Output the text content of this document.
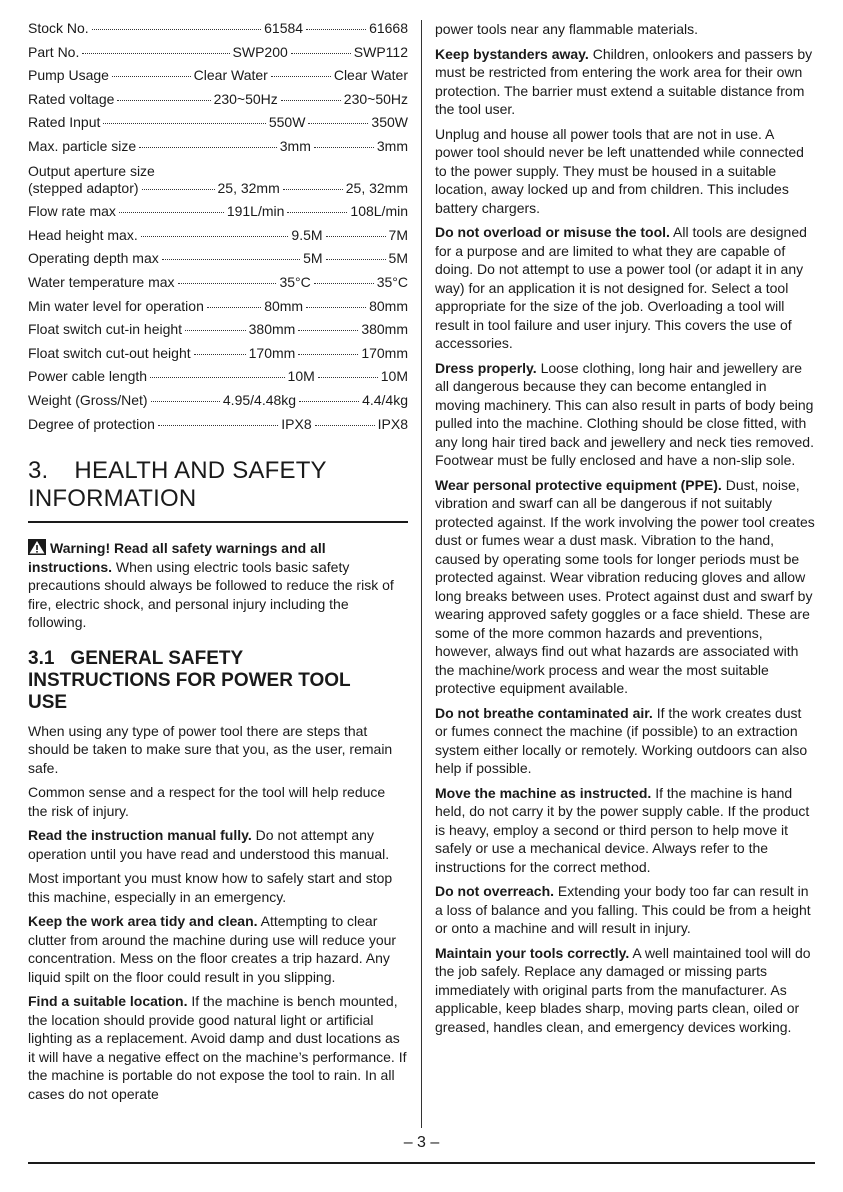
Stock No.	61584	61668
Part No.	SWP200	SWP112
Pump Usage	Clear Water	Clear Water
Rated voltage	230~50Hz	230~50Hz
Rated Input	550W	350W
Max. particle size	3mm	3mm
Output aperture size
(stepped adaptor)	25, 32mm	25, 32mm
Flow rate max	191L/min	108L/min
Head height max.	9.5M	7M
Operating depth max	5M	5M
Water temperature max	35°C	35°C
Min water level for operation	80mm	80mm
Float switch cut-in height	380mm	380mm
Float switch cut-out height	170mm	170mm
Power cable length	10M	10M
Weight (Gross/Net)	4.95/4.48kg	4.4/4kg
Degree of protection	IPX8	IPX8
3. HEALTH AND SAFETY
INFORMATION

Warning! Read all safety warnings and all instructions. When using electric tools basic safety precautions should always be followed to reduce the risk of fire, electric shock, and personal injury including the following.

3.1 GENERAL SAFETY
INSTRUCTIONS FOR POWER TOOL
USE

When using any type of power tool there are steps that should be taken to make sure that you, as the user, remain safe.

Common sense and a respect for the tool will help reduce the risk of injury.

Read the instruction manual fully. Do not attempt any operation until you have read and understood this manual.

Most important you must know how to safely start and stop this machine, especially in an emergency.

Keep the work area tidy and clean. Attempting to clear clutter from around the machine during use will reduce your concentration. Mess on the floor creates a trip hazard. Any liquid spilt on the floor could result in you slipping.

Find a suitable location. If the machine is bench mounted, the location should provide good natural light or artificial lighting as a replacement. Avoid damp and dust locations as it will have a negative effect on the machine’s performance. If the machine is portable do not expose the tool to rain. In all cases do not operate

power tools near any flammable materials.

Keep bystanders away. Children, onlookers and passers by must be restricted from entering the work area for their own protection. The barrier must extend a suitable distance from the tool user.

Unplug and house all power tools that are not in use. A power tool should never be left unattended while connected to the power supply. They must be housed in a suitable location, away locked up and from children. This includes battery chargers.

Do not overload or misuse the tool. All tools are designed for a purpose and are limited to what they are capable of doing. Do not attempt to use a power tool (or adapt it in any way) for an application it is not designed for. Select a tool appropriate for the size of the job. Overloading a tool will result in tool failure and user injury. This covers the use of accessories.

Dress properly. Loose clothing, long hair and jewellery are all dangerous because they can become entangled in moving machinery. This can also result in parts of body being pulled into the machine. Clothing should be close fitted, with any long hair tired back and jewellery and neck ties removed. Footwear must be fully enclosed and have a non-slip sole.

Wear personal protective equipment (PPE). Dust, noise, vibration and swarf can all be dangerous if not suitably protected against. If the work involving the power tool creates dust or fumes wear a dust mask. Vibration to the hand, caused by operating some tools for longer periods must be protected against. Wear vibration reducing gloves and allow long breaks between uses. Protect against dust and swarf by wearing approved safety goggles or a face shield. These are some of the more common hazards and preventions, however, always find out what hazards are associated with the machine/work process and wear the most suitable protective equipment available.

Do not breathe contaminated air. If the work creates dust or fumes connect the machine (if possible) to an extraction system either locally or remotely. Working outdoors can also help if possible.

Move the machine as instructed. If the machine is hand held, do not carry it by the power supply cable. If the product is heavy, employ a second or third person to help move it safely or use a mechanical device. Always refer to the instructions for the correct method.

Do not overreach. Extending your body too far can result in a loss of balance and you falling. This could be from a height or onto a machine and will result in injury.

Maintain your tools correctly. A well maintained tool will do the job safely. Replace any damaged or missing parts immediately with original parts from the manufacturer. As applicable, keep blades sharp, moving parts clean, oiled or greased, handles clean, and emergency devices working.

– 3 –
